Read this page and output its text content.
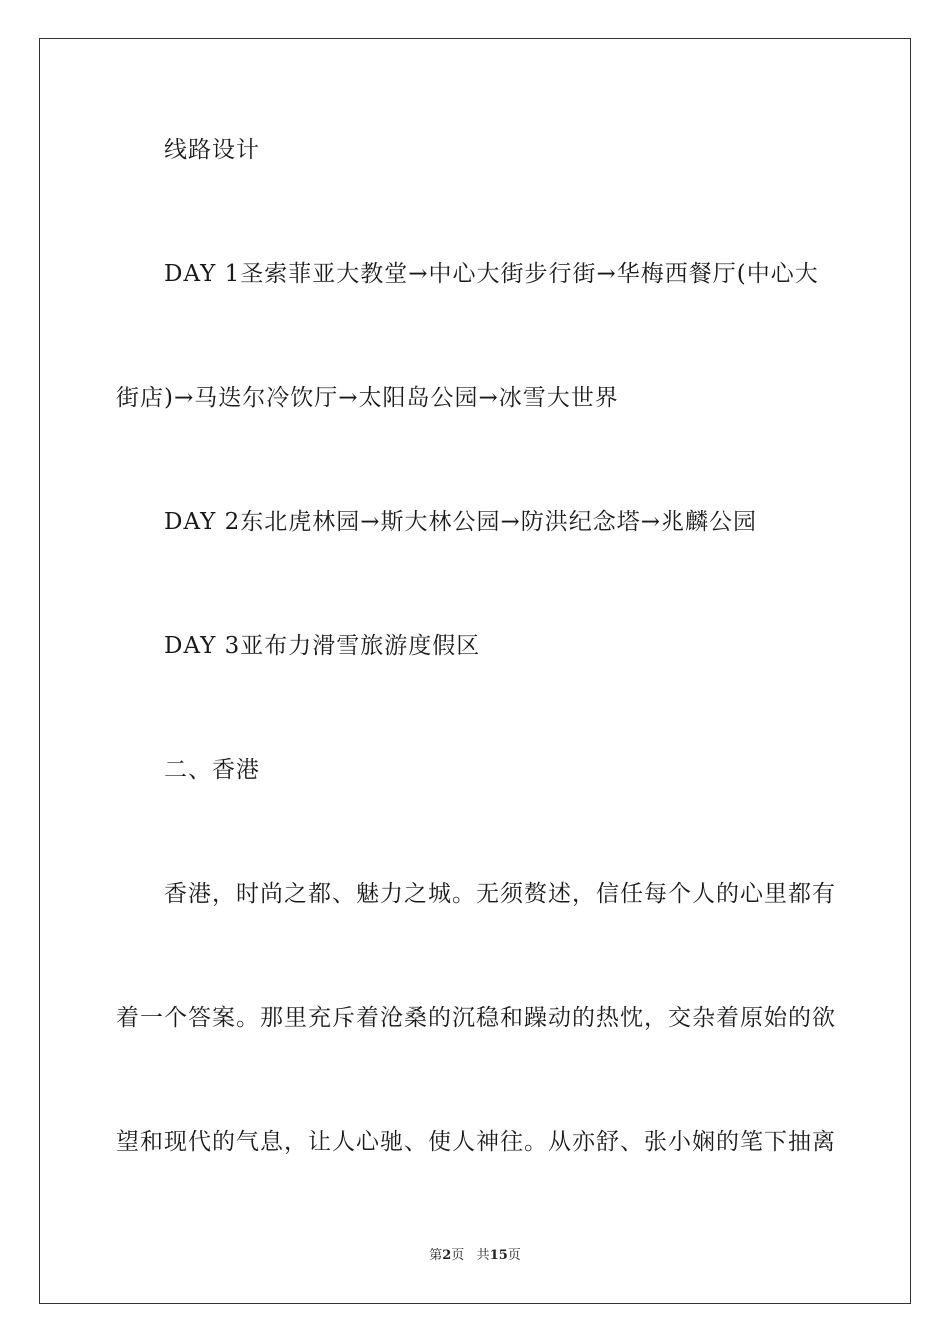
线路设计
DAY 1圣索菲亚大教堂→中心大街步行街→华梅西餐厅(中心大
街店)→马迭尔冷饮厅→太阳岛公园→冰雪大世界
DAY 2东北虎林园→斯大林公园→防洪纪念塔→兆麟公园
DAY 3亚布力滑雪旅游度假区
二、香港
香港，时尚之都、魅力之城。无须赘述，信任每个人的心里都有
着一个答案。那里充斥着沧桑的沉稳和躁动的热忱，交杂着原始的欲
望和现代的气息，让人心驰、使人神往。从亦舒、张小娴的笔下抽离
第2页 共15页
